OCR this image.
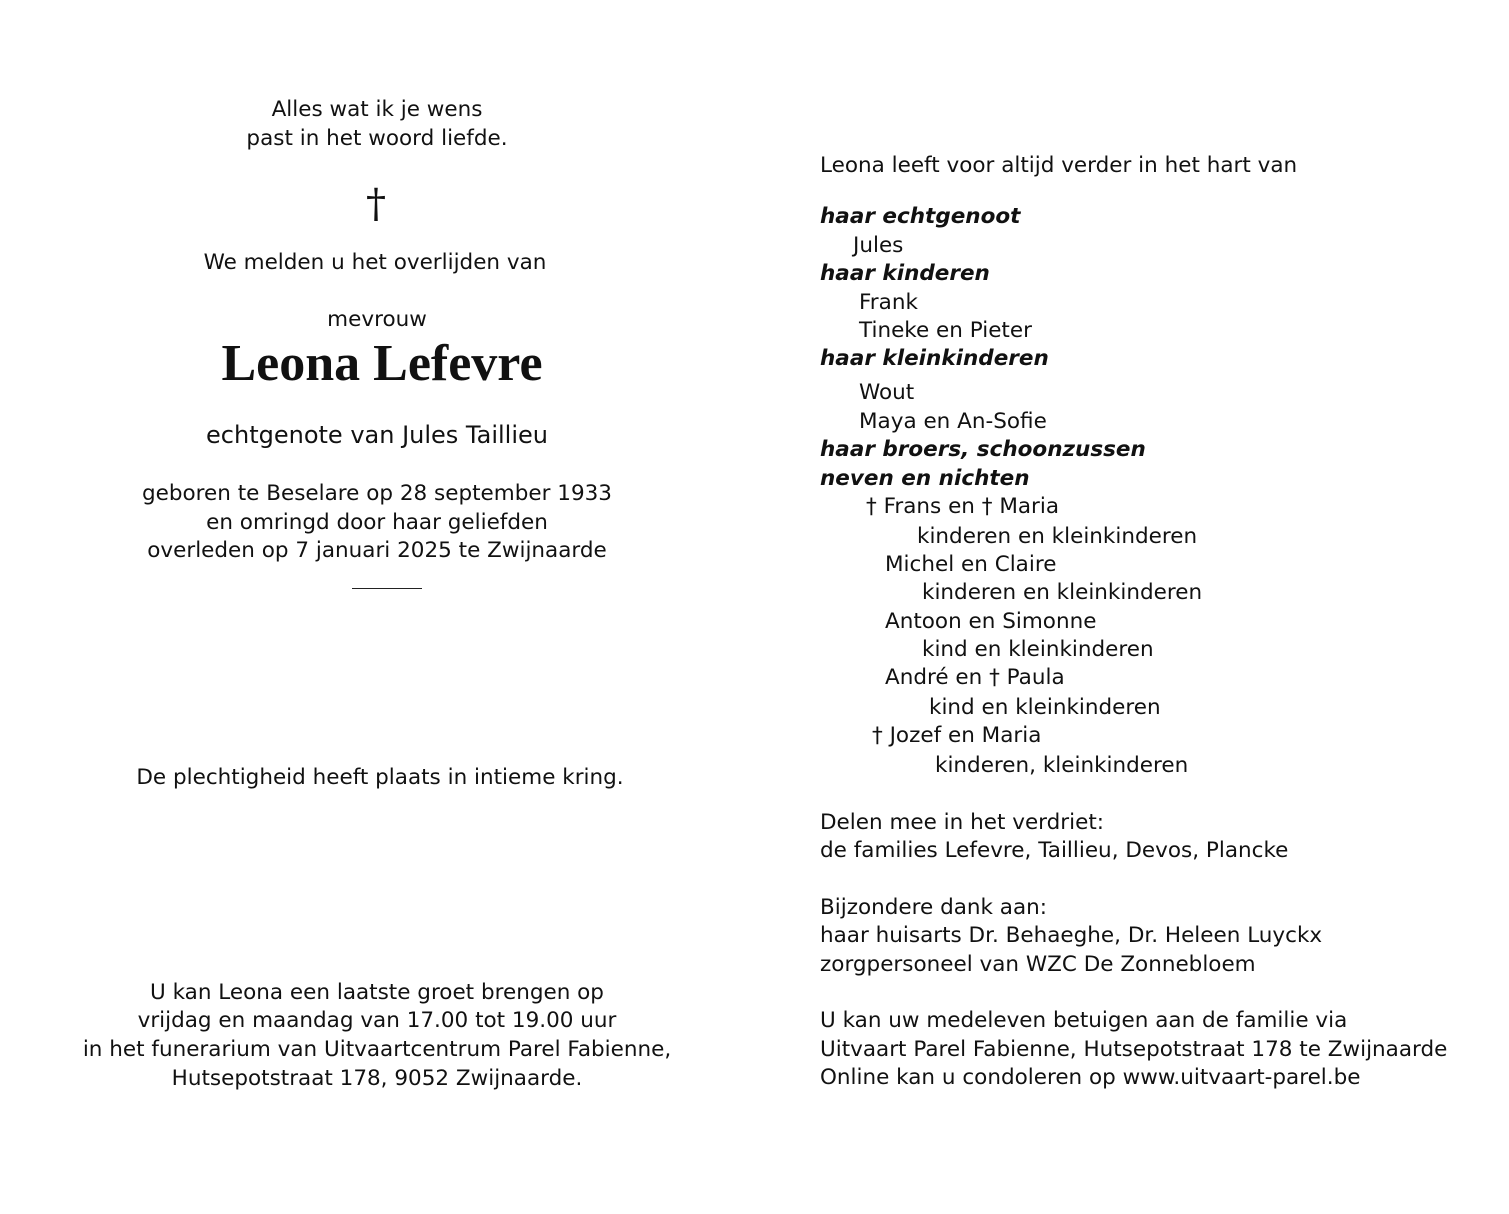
Alles wat ik je wens
past in het woord liefde.
†
We melden u het overlijden van
mevrouw
Leona Lefevre
echtgenote van Jules Taillieu
geboren te Beselare op 28 september 1933
en omringd door haar geliefden
overleden op 7 januari 2025 te Zwijnaarde
De plechtigheid heeft plaats in intieme kring.
U kan Leona een laatste groet brengen op
vrijdag en maandag van 17.00 tot 19.00 uur
in het funerarium van Uitvaartcentrum Parel Fabienne,
Hutsepotstraat 178, 9052 Zwijnaarde.
Leona leeft voor altijd verder in het hart van
haar echtgenoot
Jules
haar kinderen
Frank
Tineke en Pieter
haar kleinkinderen
Wout
Maya en An-Sofie
haar broers, schoonzussen
neven en nichten
† Frans en † Maria
kinderen en kleinkinderen
Michel en Claire
kinderen en kleinkinderen
Antoon en Simonne
kind en kleinkinderen
André en † Paula
kind en kleinkinderen
† Jozef en Maria
kinderen, kleinkinderen
Delen mee in het verdriet:
de families Lefevre, Taillieu, Devos, Plancke
Bijzondere dank aan:
haar huisarts Dr. Behaeghe, Dr. Heleen Luyckx
zorgpersoneel van WZC De Zonnebloem
U kan uw medeleven betuigen aan de familie via
Uitvaart Parel Fabienne, Hutsepotstraat 178 te Zwijnaarde
Online kan u condoleren op www.uitvaart-parel.be
